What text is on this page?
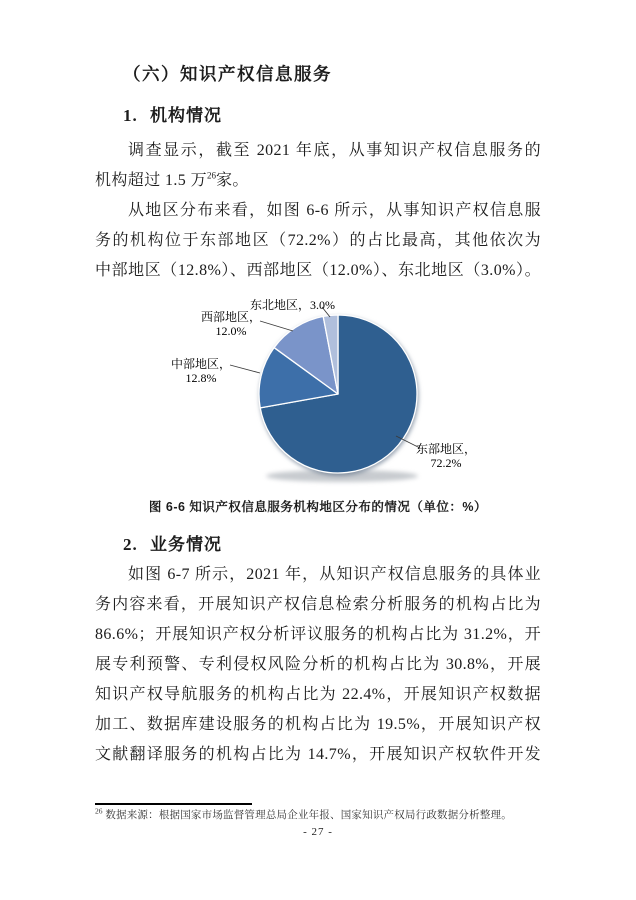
（六）知识产权信息服务
1. 机构情况
调查显示，截至 2021 年底，从事知识产权信息服务的
机构超过 1.5 万$^{26}$家。
从地区分布来看，如图 6-6 所示，从事知识产权信息服
务的机构位于东部地区（72.2%）的占比最高，其他依次为
中部地区（12.8%）、西部地区（12.0%）、东北地区（3.0%）。
东北地区，3.0%
西部地区，
12.0%
中部地区，
12.8%
东部地区，
72.2%
图 6-6 知识产权信息服务机构地区分布的情况（单位：%）
2. 业务情况
如图 6-7 所示，2021 年，从知识产权信息服务的具体业
务内容来看，开展知识产权信息检索分析服务的机构占比为
86.6%；开展知识产权分析评议服务的机构占比为 31.2%，开
展专利预警、专利侵权风险分析的机构占比为 30.8%，开展
知识产权导航服务的机构占比为 22.4%，开展知识产权数据
加工、数据库建设服务的机构占比为 19.5%，开展知识产权
文献翻译服务的机构占比为 14.7%，开展知识产权软件开发
$^{26}$ 数据来源：根据国家市场监督管理总局企业年报、国家知识产权局行政数据分析整理。
- 27 -
